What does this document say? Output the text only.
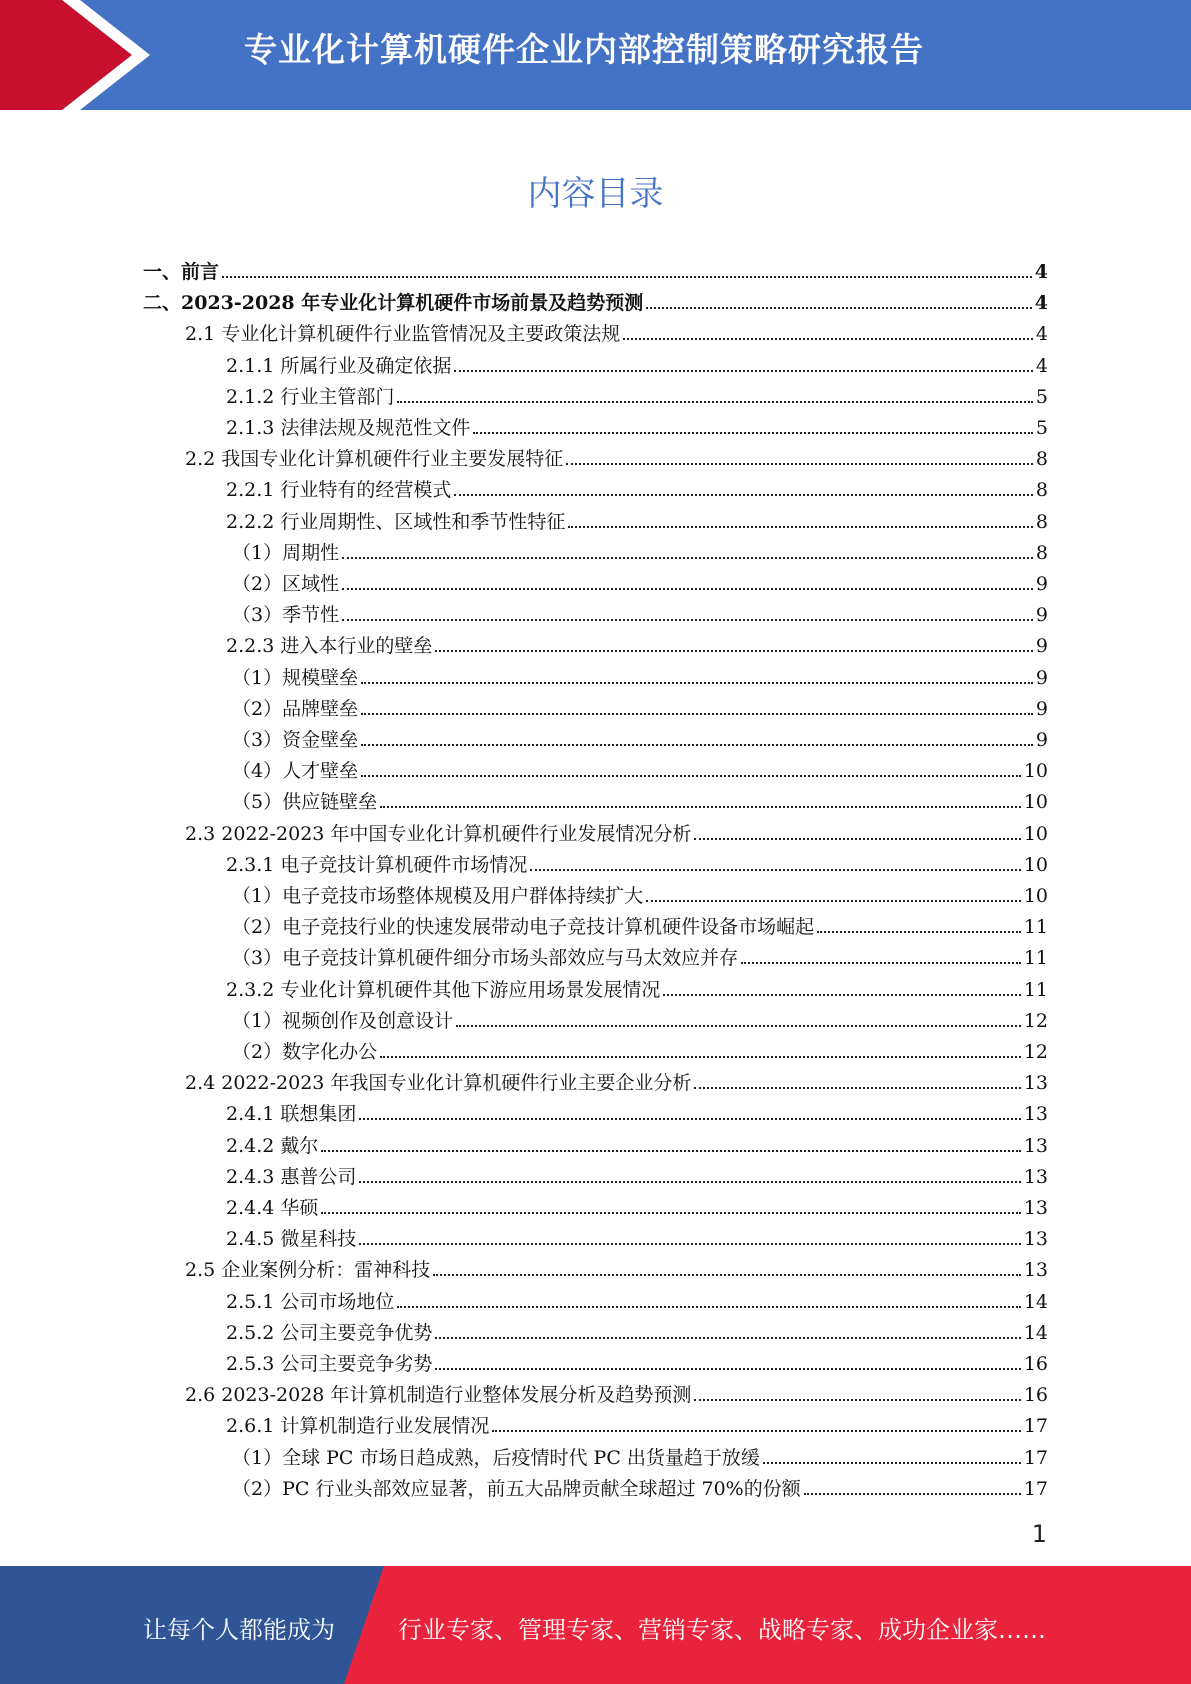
专业化计算机硬件企业内部控制策略研究报告
内容目录
一、前言	4
二、2023-2028 年专业化计算机硬件市场前景及趋势预测	4
2.1 专业化计算机硬件行业监管情况及主要政策法规	4
2.1.1 所属行业及确定依据	4
2.1.2 行业主管部门	5
2.1.3 法律法规及规范性文件	5
2.2 我国专业化计算机硬件行业主要发展特征	8
2.2.1 行业特有的经营模式	8
2.2.2 行业周期性、区域性和季节性特征	8
（1）周期性	8
（2）区域性	9
（3）季节性	9
2.2.3 进入本行业的壁垒	9
（1）规模壁垒	9
（2）品牌壁垒	9
（3）资金壁垒	9
（4）人才壁垒	10
（5）供应链壁垒	10
2.3 2022-2023 年中国专业化计算机硬件行业发展情况分析	10
2.3.1 电子竞技计算机硬件市场情况	10
（1）电子竞技市场整体规模及用户群体持续扩大	10
（2）电子竞技行业的快速发展带动电子竞技计算机硬件设备市场崛起	11
（3）电子竞技计算机硬件细分市场头部效应与马太效应并存	11
2.3.2 专业化计算机硬件其他下游应用场景发展情况	11
（1）视频创作及创意设计	12
（2）数字化办公	12
2.4 2022-2023 年我国专业化计算机硬件行业主要企业分析	13
2.4.1 联想集团	13
2.4.2 戴尔	13
2.4.3 惠普公司	13
2.4.4 华硕	13
2.4.5 微星科技	13
2.5 企业案例分析：雷神科技	13
2.5.1 公司市场地位	14
2.5.2 公司主要竞争优势	14
2.5.3 公司主要竞争劣势	16
2.6 2023-2028 年计算机制造行业整体发展分析及趋势预测	16
2.6.1 计算机制造行业发展情况	17
（1）全球 PC 市场日趋成熟，后疫情时代 PC 出货量趋于放缓	17
（2）PC 行业头部效应显著，前五大品牌贡献全球超过 70%的份额	17
1
让每个人都能成为	行业专家、管理专家、营销专家、战略专家、成功企业家……
